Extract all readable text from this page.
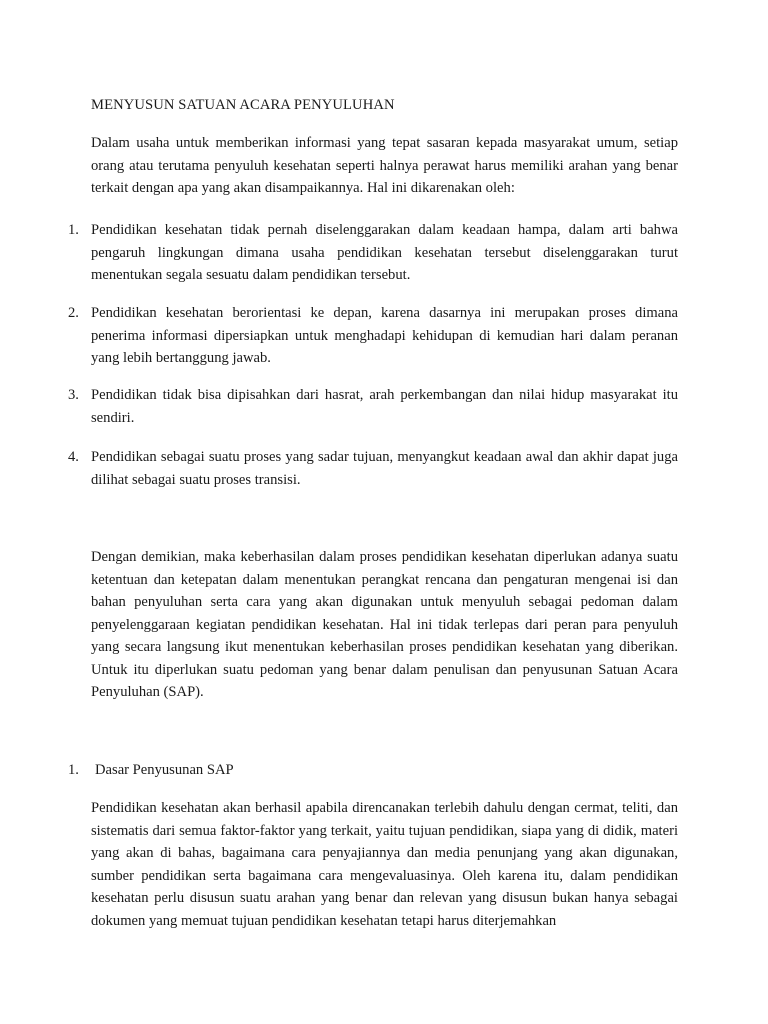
MENYUSUN SATUAN ACARA PENYULUHAN

Dalam usaha untuk memberikan informasi yang tepat sasaran kepada masyarakat umum, setiap orang atau terutama penyuluh kesehatan seperti halnya perawat harus memiliki arahan yang benar terkait dengan apa yang akan disampaikannya. Hal ini dikarenakan oleh:

1. Pendidikan kesehatan tidak pernah diselenggarakan dalam keadaan hampa, dalam arti bahwa pengaruh lingkungan dimana usaha pendidikan kesehatan tersebut diselenggarakan turut menentukan segala sesuatu dalam pendidikan tersebut.

2. Pendidikan kesehatan berorientasi ke depan, karena dasarnya ini merupakan proses dimana penerima informasi dipersiapkan untuk menghadapi kehidupan di kemudian hari dalam peranan yang lebih bertanggung jawab.

3. Pendidikan tidak bisa dipisahkan dari hasrat, arah perkembangan dan nilai hidup masyarakat itu sendiri.

4. Pendidikan sebagai suatu proses yang sadar tujuan, menyangkut keadaan awal dan akhir dapat juga dilihat sebagai suatu proses transisi.

Dengan demikian, maka keberhasilan dalam proses pendidikan kesehatan diperlukan adanya suatu ketentuan dan ketepatan dalam menentukan perangkat rencana dan pengaturan mengenai isi dan bahan penyuluhan serta cara yang akan digunakan untuk menyuluh sebagai pedoman dalam penyelenggaraan kegiatan pendidikan kesehatan. Hal ini tidak terlepas dari peran para penyuluh yang secara langsung ikut menentukan keberhasilan proses pendidikan kesehatan yang diberikan. Untuk itu diperlukan suatu pedoman yang benar dalam penulisan dan penyusunan Satuan Acara Penyuluhan (SAP).

1. Dasar Penyusunan SAP

Pendidikan kesehatan akan berhasil apabila direncanakan terlebih dahulu dengan cermat, teliti, dan sistematis dari semua faktor-faktor yang terkait, yaitu tujuan pendidikan, siapa yang di didik, materi yang akan di bahas, bagaimana cara penyajiannya dan media penunjang yang akan digunakan, sumber pendidikan serta bagaimana cara mengevaluasinya. Oleh karena itu, dalam pendidikan kesehatan perlu disusun suatu arahan yang benar dan relevan yang disusun bukan hanya sebagai dokumen yang memuat tujuan pendidikan kesehatan tetapi harus diterjemahkan
